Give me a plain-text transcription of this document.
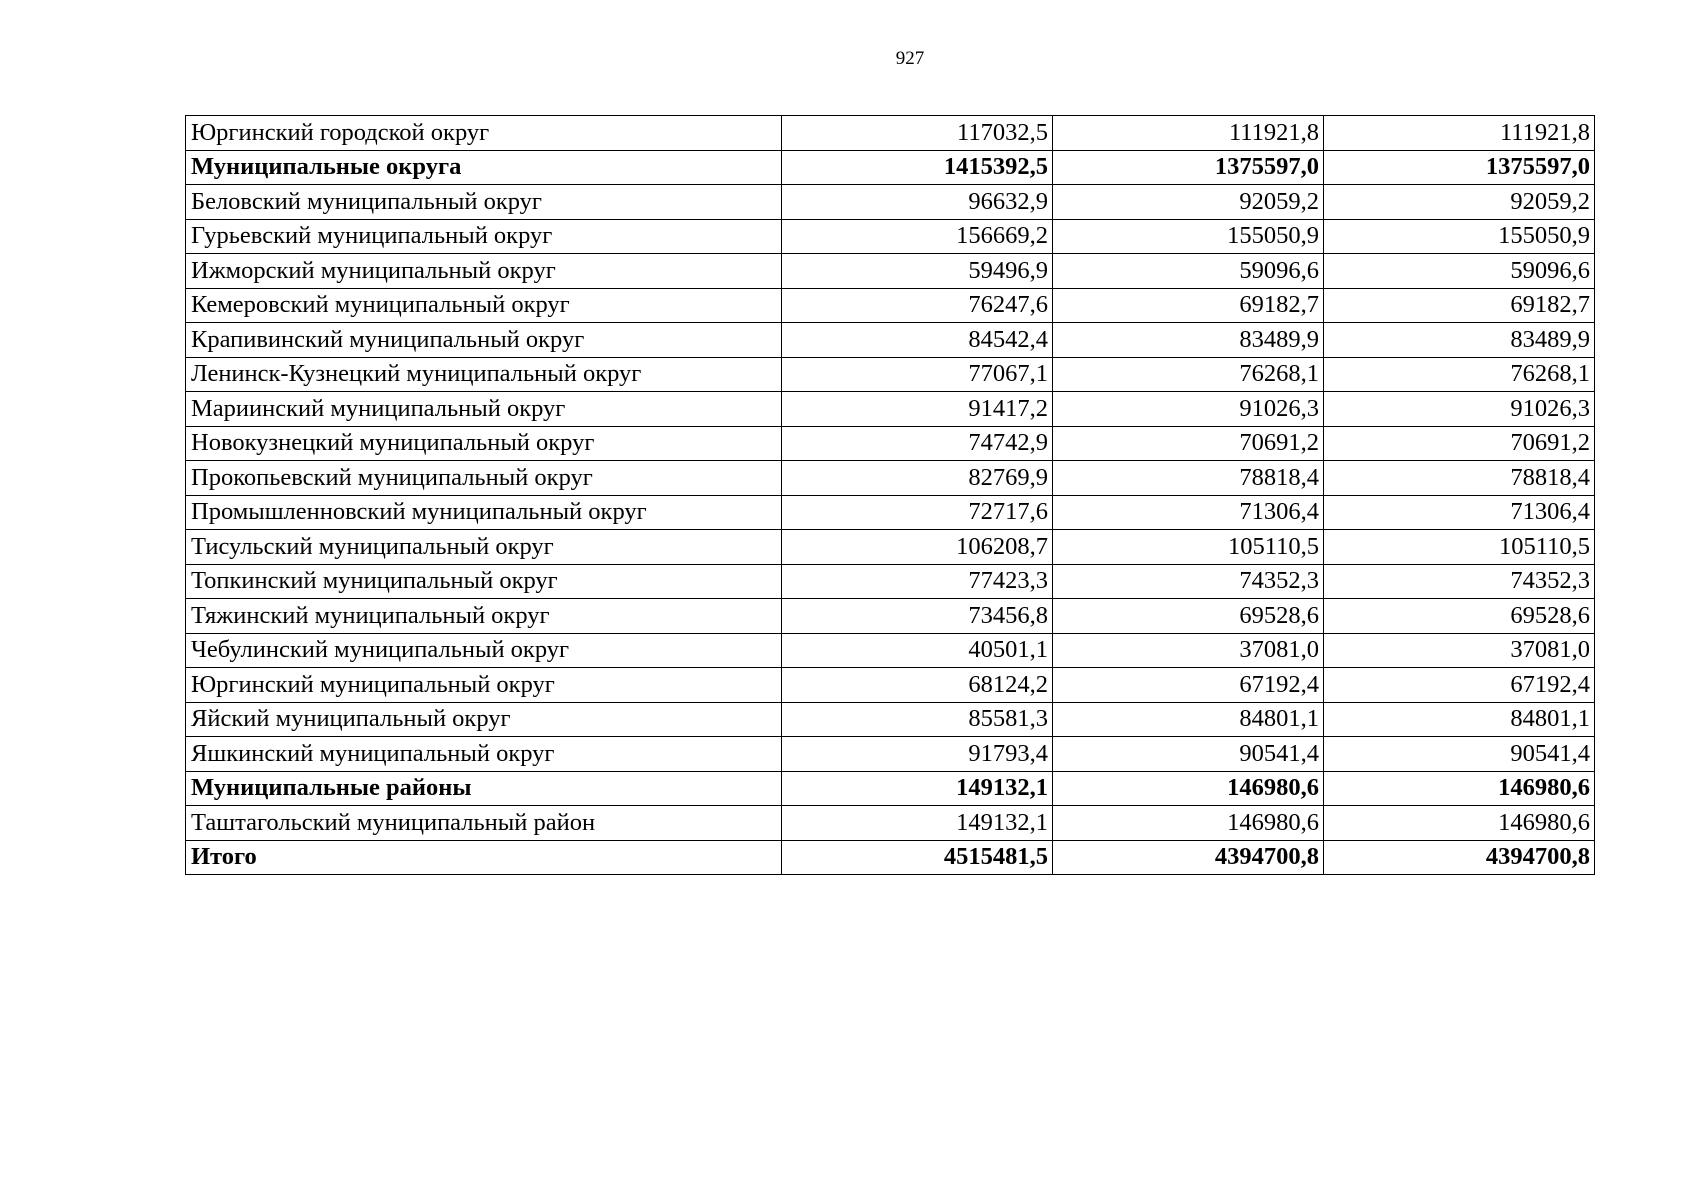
927
Юргинский городской округ	117032,5	111921,8	111921,8
Муниципальные округа	1415392,5	1375597,0	1375597,0
Беловский муниципальный округ	96632,9	92059,2	92059,2
Гурьевский муниципальный округ	156669,2	155050,9	155050,9
Ижморский муниципальный округ	59496,9	59096,6	59096,6
Кемеровский муниципальный округ	76247,6	69182,7	69182,7
Крапивинский муниципальный округ	84542,4	83489,9	83489,9
Ленинск-Кузнецкий муниципальный округ	77067,1	76268,1	76268,1
Мариинский муниципальный округ	91417,2	91026,3	91026,3
Новокузнецкий муниципальный округ	74742,9	70691,2	70691,2
Прокопьевский муниципальный округ	82769,9	78818,4	78818,4
Промышленновский муниципальный округ	72717,6	71306,4	71306,4
Тисульский муниципальный округ	106208,7	105110,5	105110,5
Топкинский муниципальный округ	77423,3	74352,3	74352,3
Тяжинский муниципальный округ	73456,8	69528,6	69528,6
Чебулинский муниципальный округ	40501,1	37081,0	37081,0
Юргинский муниципальный округ	68124,2	67192,4	67192,4
Яйский муниципальный округ	85581,3	84801,1	84801,1
Яшкинский муниципальный округ	91793,4	90541,4	90541,4
Муниципальные районы	149132,1	146980,6	146980,6
Таштагольский муниципальный район	149132,1	146980,6	146980,6
Итого	4515481,5	4394700,8	4394700,8
